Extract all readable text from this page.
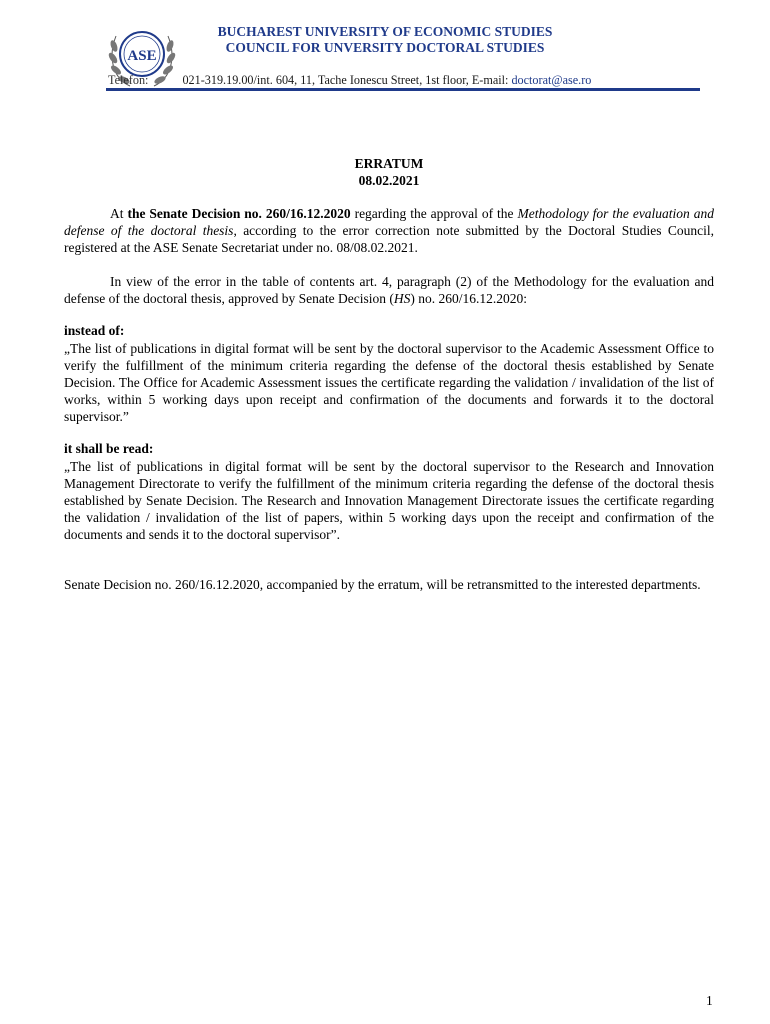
ASE
BUCHAREST UNIVERSITY OF ECONOMIC STUDIES
COUNCIL FOR UNVERSITY DOCTORAL STUDIES
Telefon:	021-319.19.00/int. 604, 11, Tache Ionescu Street, 1st floor, E-mail: doctorat@ase.ro
ERRATUM
08.02.2021

At the Senate Decision no. 260/16.12.2020 regarding the approval of the Methodology for the evaluation and defense of the doctoral thesis, according to the error correction note submitted by the Doctoral Studies Council, registered at the ASE Senate Secretariat under no. 08/08.02.2021.

In view of the error in the table of contents art. 4, paragraph (2) of the Methodology for the evaluation and defense of the doctoral thesis, approved by Senate Decision (HS) no. 260/16.12.2020:

instead of:

„The list of publications in digital format will be sent by the doctoral supervisor to the Academic Assessment Office to verify the fulfillment of the minimum criteria regarding the defense of the doctoral thesis established by Senate Decision. The Office for Academic Assessment issues the certificate regarding the validation / invalidation of the list of works, within 5 working days upon receipt and confirmation of the documents and forwards it to the doctoral supervisor.”

it shall be read:

„The list of publications in digital format will be sent by the doctoral supervisor to the Research and Innovation Management Directorate to verify the fulfillment of the minimum criteria regarding the defense of the doctoral thesis established by Senate Decision. The Research and Innovation Management Directorate issues the certificate regarding the validation / invalidation of the list of papers, within 5 working days upon the receipt and confirmation of the documents and sends it to the doctoral supervisor”.

Senate Decision no. 260/16.12.2020, accompanied by the erratum, will be retransmitted to the interested departments.

1
